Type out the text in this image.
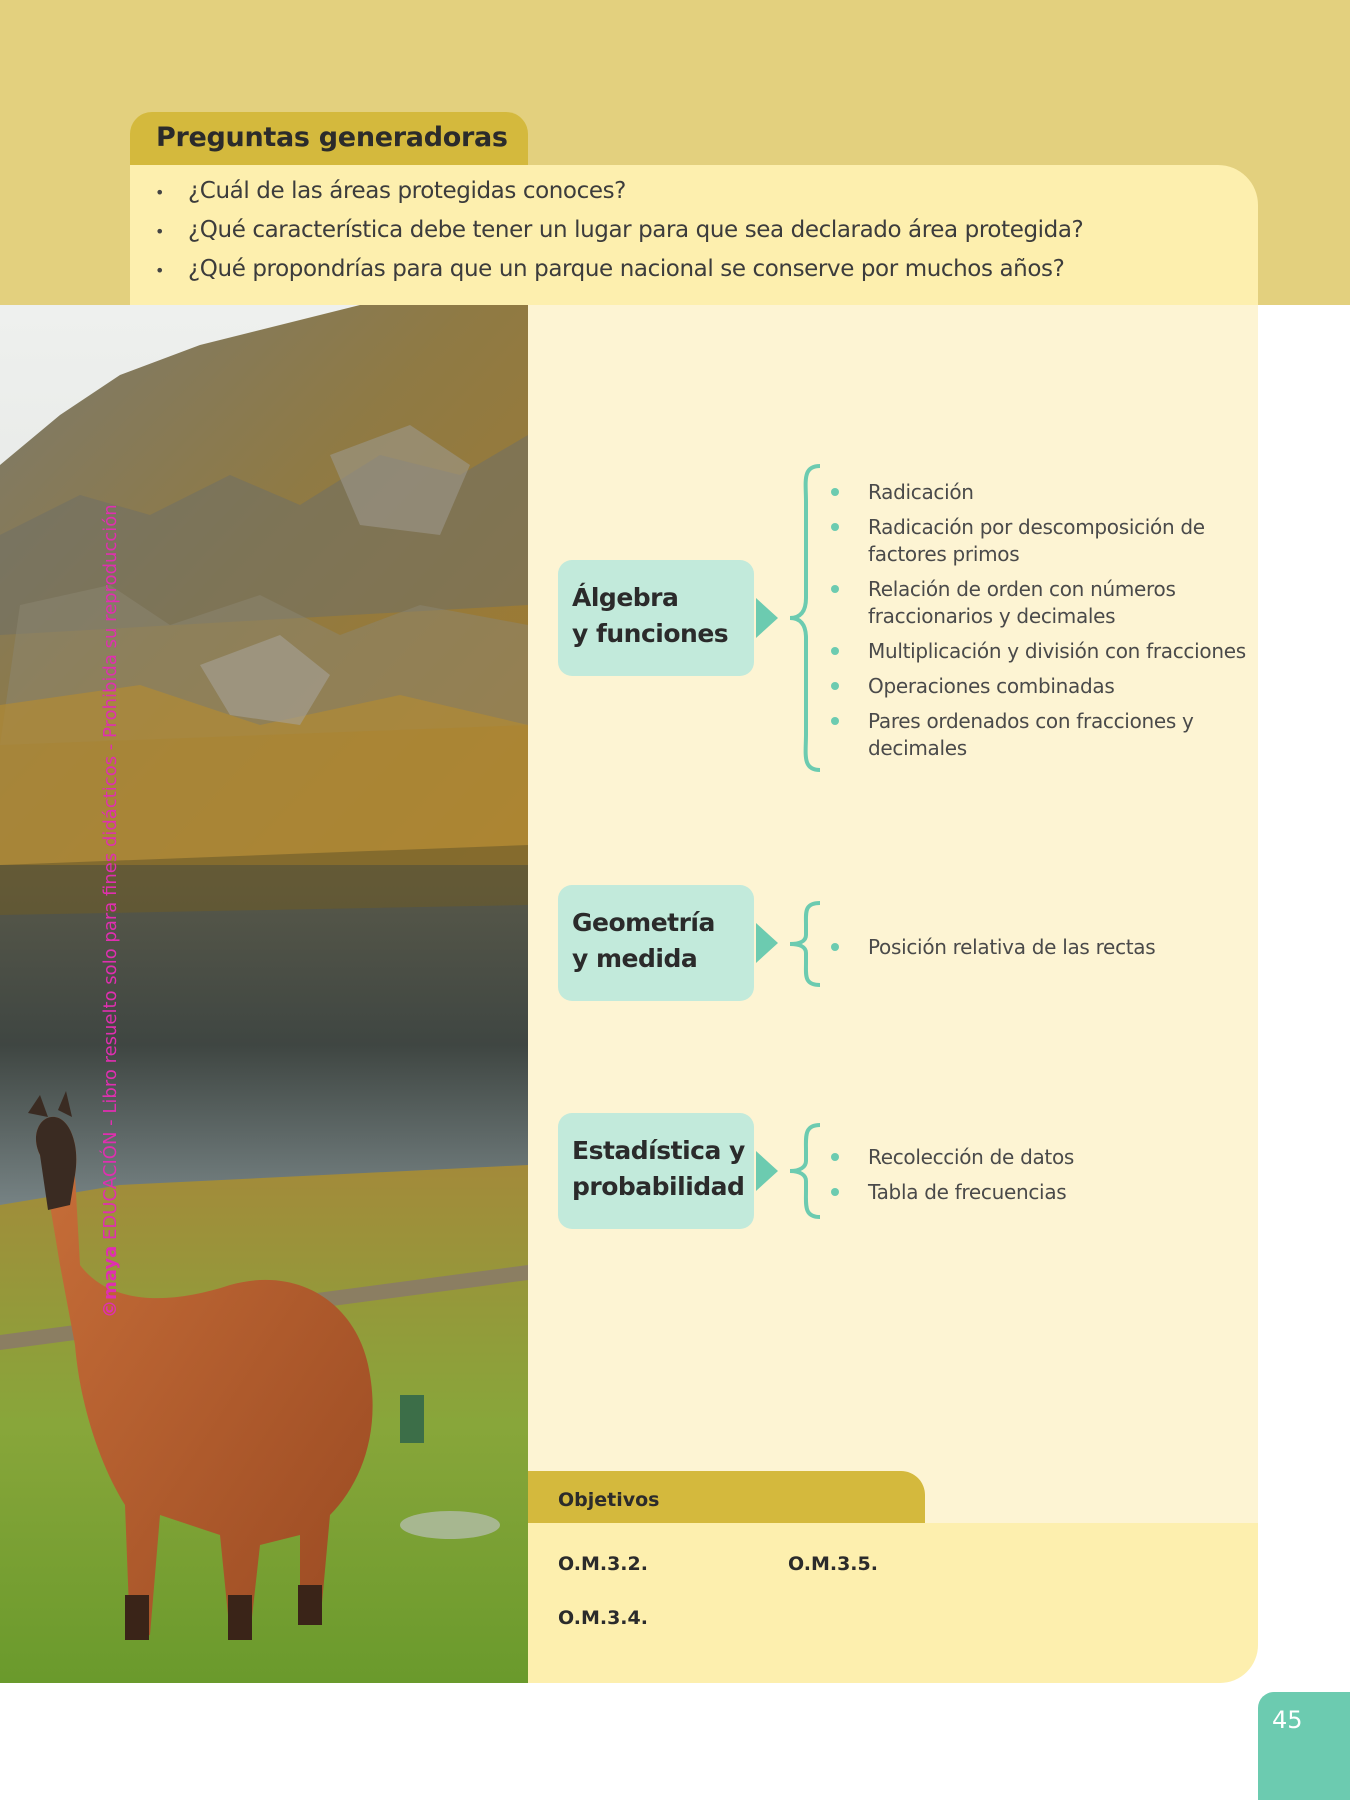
Preguntas generadoras
• ¿Cuál de las áreas protegidas conoces?
• ¿Qué característica debe tener un lugar para que sea declarado área protegida?
• ¿Qué propondrías para que un parque nacional se conserve por muchos años?
©maya EDUCACIÓN - Libro resuelto solo para fines didácticos - Prohibida su reproducción	Álgebra
y funciones
Radicación
Radicación por descomposición de factores primos
Relación de orden con números fraccionarios y decimales
Multiplicación y división con fracciones
Operaciones combinadas
Pares ordenados con fracciones y decimales
Geometría
y medida	Posición relativa de las rectas
Estadística y
probabilidad
Recolección de datos
Tabla de frecuencias
Objetivos
O.M.3.2.	O.M.3.5.
O.M.3.4.
45
